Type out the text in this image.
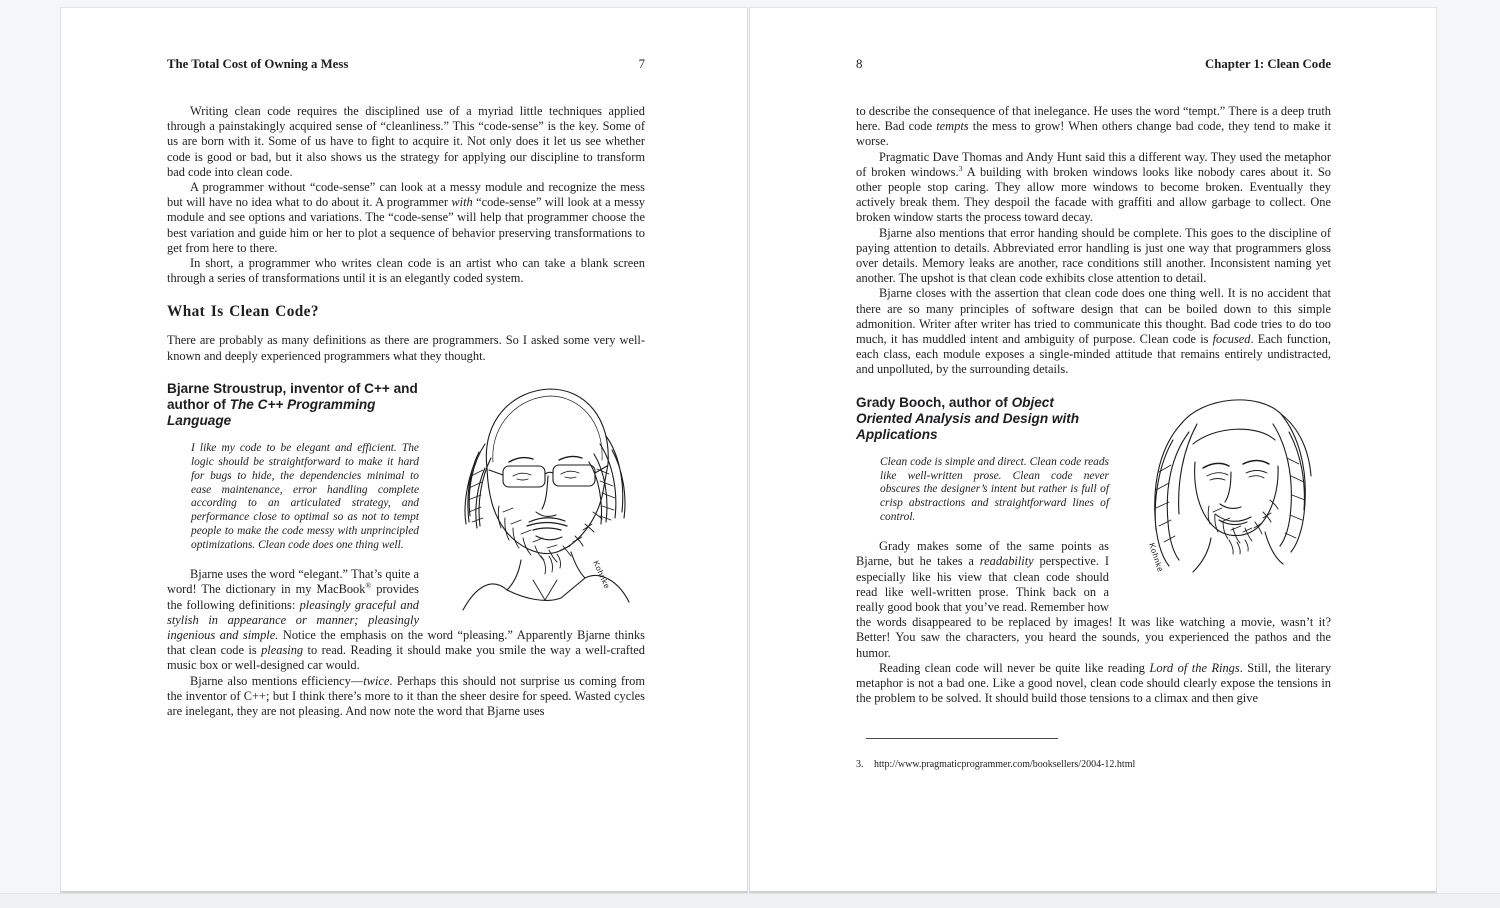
The Total Cost of Owning a Mess	7

Writing clean code requires the disciplined use of a myriad little techniques applied through a painstakingly acquired sense of “cleanliness.” This “code-sense” is the key. Some of us are born with it. Some of us have to fight to acquire it. Not only does it let us see whether code is good or bad, but it also shows us the strategy for applying our discipline to transform bad code into clean code.

A programmer without “code-sense” can look at a messy module and recognize the mess but will have no idea what to do about it. A programmer with “code-sense” will look at a messy module and see options and variations. The “code-sense” will help that programmer choose the best variation and guide him or her to plot a sequence of behavior preserving transformations to get from here to there.

In short, a programmer who writes clean code is an artist who can take a blank screen through a series of transformations until it is an elegantly coded system.

What Is Clean Code?

There are probably as many definitions as there are programmers. So I asked some very well-known and deeply experienced programmers what they thought.

Kohnke
Bjarne Stroustrup, inventor of C++ and author of The C++ Programming Language
I like my code to be elegant and efficient. The logic should be straightforward to make it hard for bugs to hide, the dependencies minimal to ease maintenance, error handling complete according to an articulated strategy, and performance close to optimal so as not to tempt people to make the code messy with unprincipled optimizations. Clean code does one thing well.

Bjarne uses the word “elegant.” That’s quite a word! The dictionary in my MacBook® provides the following definitions: pleasingly graceful and stylish in appearance or manner; pleasingly ingenious and simple. Notice the emphasis on the word “pleasing.” Apparently Bjarne thinks that clean code is pleasing to read. Reading it should make you smile the way a well-crafted music box or well-designed car would.

Bjarne also mentions efficiency—twice. Perhaps this should not surprise us coming from the inventor of C++; but I think there’s more to it than the sheer desire for speed. Wasted cycles are inelegant, they are not pleasing. And now note the word that Bjarne uses

8	Chapter 1: Clean Code

to describe the consequence of that inelegance. He uses the word “tempt.” There is a deep truth here. Bad code tempts the mess to grow! When others change bad code, they tend to make it worse.

Pragmatic Dave Thomas and Andy Hunt said this a different way. They used the metaphor of broken windows.$^3$ A building with broken windows looks like nobody cares about it. So other people stop caring. They allow more windows to become broken. Eventually they actively break them. They despoil the facade with graffiti and allow garbage to collect. One broken window starts the process toward decay.

Bjarne also mentions that error handing should be complete. This goes to the discipline of paying attention to details. Abbreviated error handling is just one way that programmers gloss over details. Memory leaks are another, race conditions still another. Inconsistent naming yet another. The upshot is that clean code exhibits close attention to detail.

Bjarne closes with the assertion that clean code does one thing well. It is no accident that there are so many principles of software design that can be boiled down to this simple admonition. Writer after writer has tried to communicate this thought. Bad code tries to do too much, it has muddled intent and ambiguity of purpose. Clean code is focused. Each function, each class, each module exposes a single-minded attitude that remains entirely undistracted, and unpolluted, by the surrounding details.

Kohnke
Grady Booch, author of Object Oriented Analysis and Design with Applications
Clean code is simple and direct. Clean code reads like well-written prose. Clean code never obscures the designer’s intent but rather is full of crisp abstractions and straightforward lines of control.

Grady makes some of the same points as Bjarne, but he takes a readability perspective. I especially like his view that clean code should read like well-written prose. Think back on a really good book that you’ve read. Remember how the words disappeared to be replaced by images! It was like watching a movie, wasn’t it? Better! You saw the characters, you heard the sounds, you experienced the pathos and the humor.

Reading clean code will never be quite like reading Lord of the Rings. Still, the literary metaphor is not a bad one. Like a good novel, clean code should clearly expose the tensions in the problem to be solved. It should build those tensions to a climax and then give

3. http://www.pragmaticprogrammer.com/booksellers/2004-12.html
